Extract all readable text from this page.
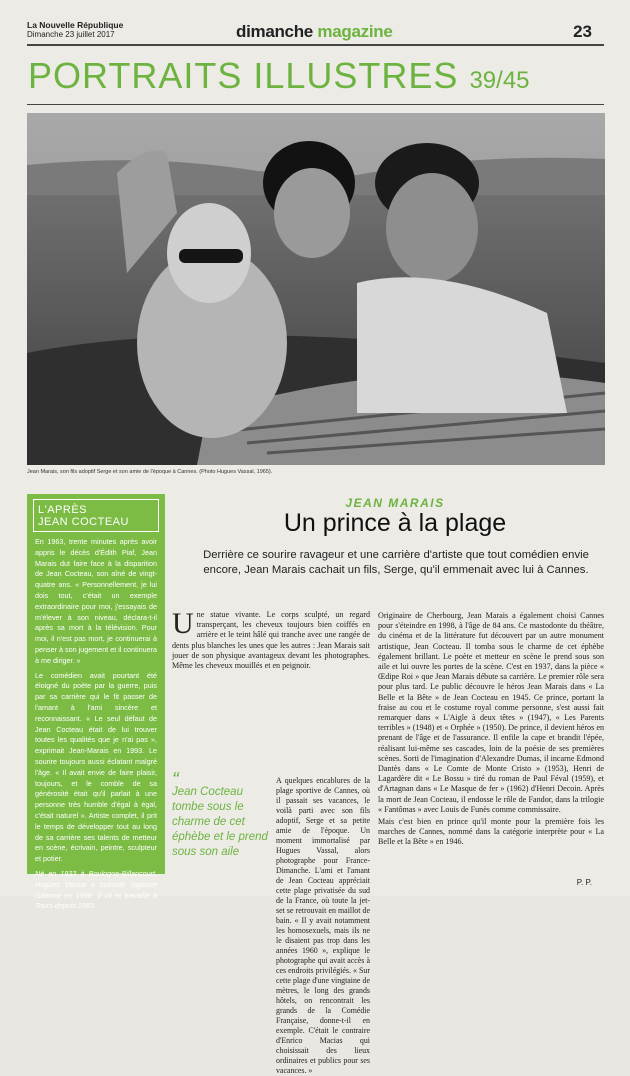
La Nouvelle République
Dimanche 23 juillet 2017	dimanche magazine	23
PORTRAITS ILLUSTRES 39/45
Jean Marais, son fils adoptif Serge et son amie de l'époque à Cannes. (Photo Hugues Vassal, 1965).
L'APRÈS
JEAN COCTEAU

En 1963, trente minutes après avoir appris le décès d'Édith Piaf, Jean Marais dut faire face à la disparition de Jean Cocteau, son aîné de vingt-quatre ans. « Personnellement, je lui dois tout, c'était un exemple extraordinaire pour moi, j'essayais de m'élever à son niveau, déclara-t-il après sa mort à la télévision. Pour moi, il n'est pas mort, je continuerai à penser à son jugement et il continuera à me diriger. »

Le comédien avait pourtant été éloigné du poète par la guerre, puis par sa carrière qui le fit passer de l'amant à l'ami sincère et reconnaissant. « Le seul défaut de Jean Cocteau était de lui trouver toutes les qualités que je n'ai pas », exprimait Jean-Marais en 1993. Le sourire toujours aussi éclatant malgré l'âge. « Il avait envie de faire plaisir, toujours, et le comble de sa générosité était qu'il parlait à une personne très humble d'égal à égal, c'était naturel ». Artiste complet, il prit le temps de développer tout au long de sa carrière ses talents de metteur en scène, écrivain, peintre, sculpteur et potier.

Né en 1933 à Boulogne-Billancourt, Hugues Vassal a cofondé l'agence Gamma en 1966. Il vit et travaille à Tours depuis 1983.

JEAN MARAIS
Un prince à la plage
Derrière ce sourire ravageur et une carrière d'artiste que tout comédien envie encore, Jean Marais cachait un fils, Serge, qu'il emmenait avec lui à Cannes.

Une statue vivante. Le corps sculpté, un regard transperçant, les cheveux toujours bien coiffés en arrière et le teint hâlé qui tranche avec une rangée de dents plus blanches les unes que les autres : Jean Marais sait jouer de son physique avantageux devant les photographes. Même les cheveux mouillés et en peignoir.

A quelques encablures de la plage sportive de Cannes, où il passait ses vacances, le voilà parti avec son fils adoptif, Serge et sa petite amie de l'époque. Un moment immortalisé par Hugues Vassal, alors photographe pour France-Dimanche. L'ami et l'amant de Jean Cocteau appréciait cette plage privatisée du sud de la France, où toute la jet-set se retrouvait en maillot de bain. « Il y avait notamment les homosexuels, mais ils ne le disaient pas trop dans les années 1960 », explique le photographe qui avait accès à ces endroits privilégiés. « Sur cette plage d'une vingtaine de mètres, le long des grands hôtels, on rencontrait les grands de la Comédie Française, donne-t-il en exemple. C'était le contraire d'Enrico Macias qui choisissait des lieux ordinaires et publics pour ses vacances. »

“
Jean Cocteau tombe sous le charme de cet éphèbe et le prend sous son aile

Originaire de Cherbourg, Jean Marais a également choisi Cannes pour s'éteindre en 1998, à l'âge de 84 ans. Ce mastodonte du théâtre, du cinéma et de la littérature fut découvert par un autre monument artistique, Jean Cocteau. Il tomba sous le charme de cet éphèbe également brillant. Le poète et metteur en scène le prend sous son aile et lui ouvre les portes de la scène. C'est en 1937, dans la pièce « Œdipe Roi » que Jean Marais débute sa carrière. Le premier rôle sera pour plus tard. Le public découvre le héros Jean Marais dans « La Belle et la Bête » de Jean Cocteau en 1945. Ce prince, portant la fraise au cou et le costume royal comme personne, s'est aussi fait remarquer dans « L'Aigle à deux têtes » (1947), « Les Parents terribles » (1948) et « Orphée » (1950). De prince, il devient héros en prenant de l'âge et de l'assurance. Il enfile la cape et brandit l'épée, réalisant lui-même ses cascades, loin de la poésie de ses premières scènes. Sorti de l'imagination d'Alexandre Dumas, il incarne Edmond Dantès dans « Le Comte de Monte Cristo » (1953), Henri de Lagardère dit « Le Bossu » tiré du roman de Paul Féval (1959), et d'Artagnan dans « Le Masque de fer » (1962) d'Henri Decoin. Après la mort de Jean Cocteau, il endosse le rôle de Fandor, dans la trilogie « Fantômas » avec Louis de Funès comme commissaire.

Mais c'est bien en prince qu'il monte pour la première fois les marches de Cannes, nommé dans la catégorie interprète pour « La Belle et la Bête » en 1946.

P. P.
